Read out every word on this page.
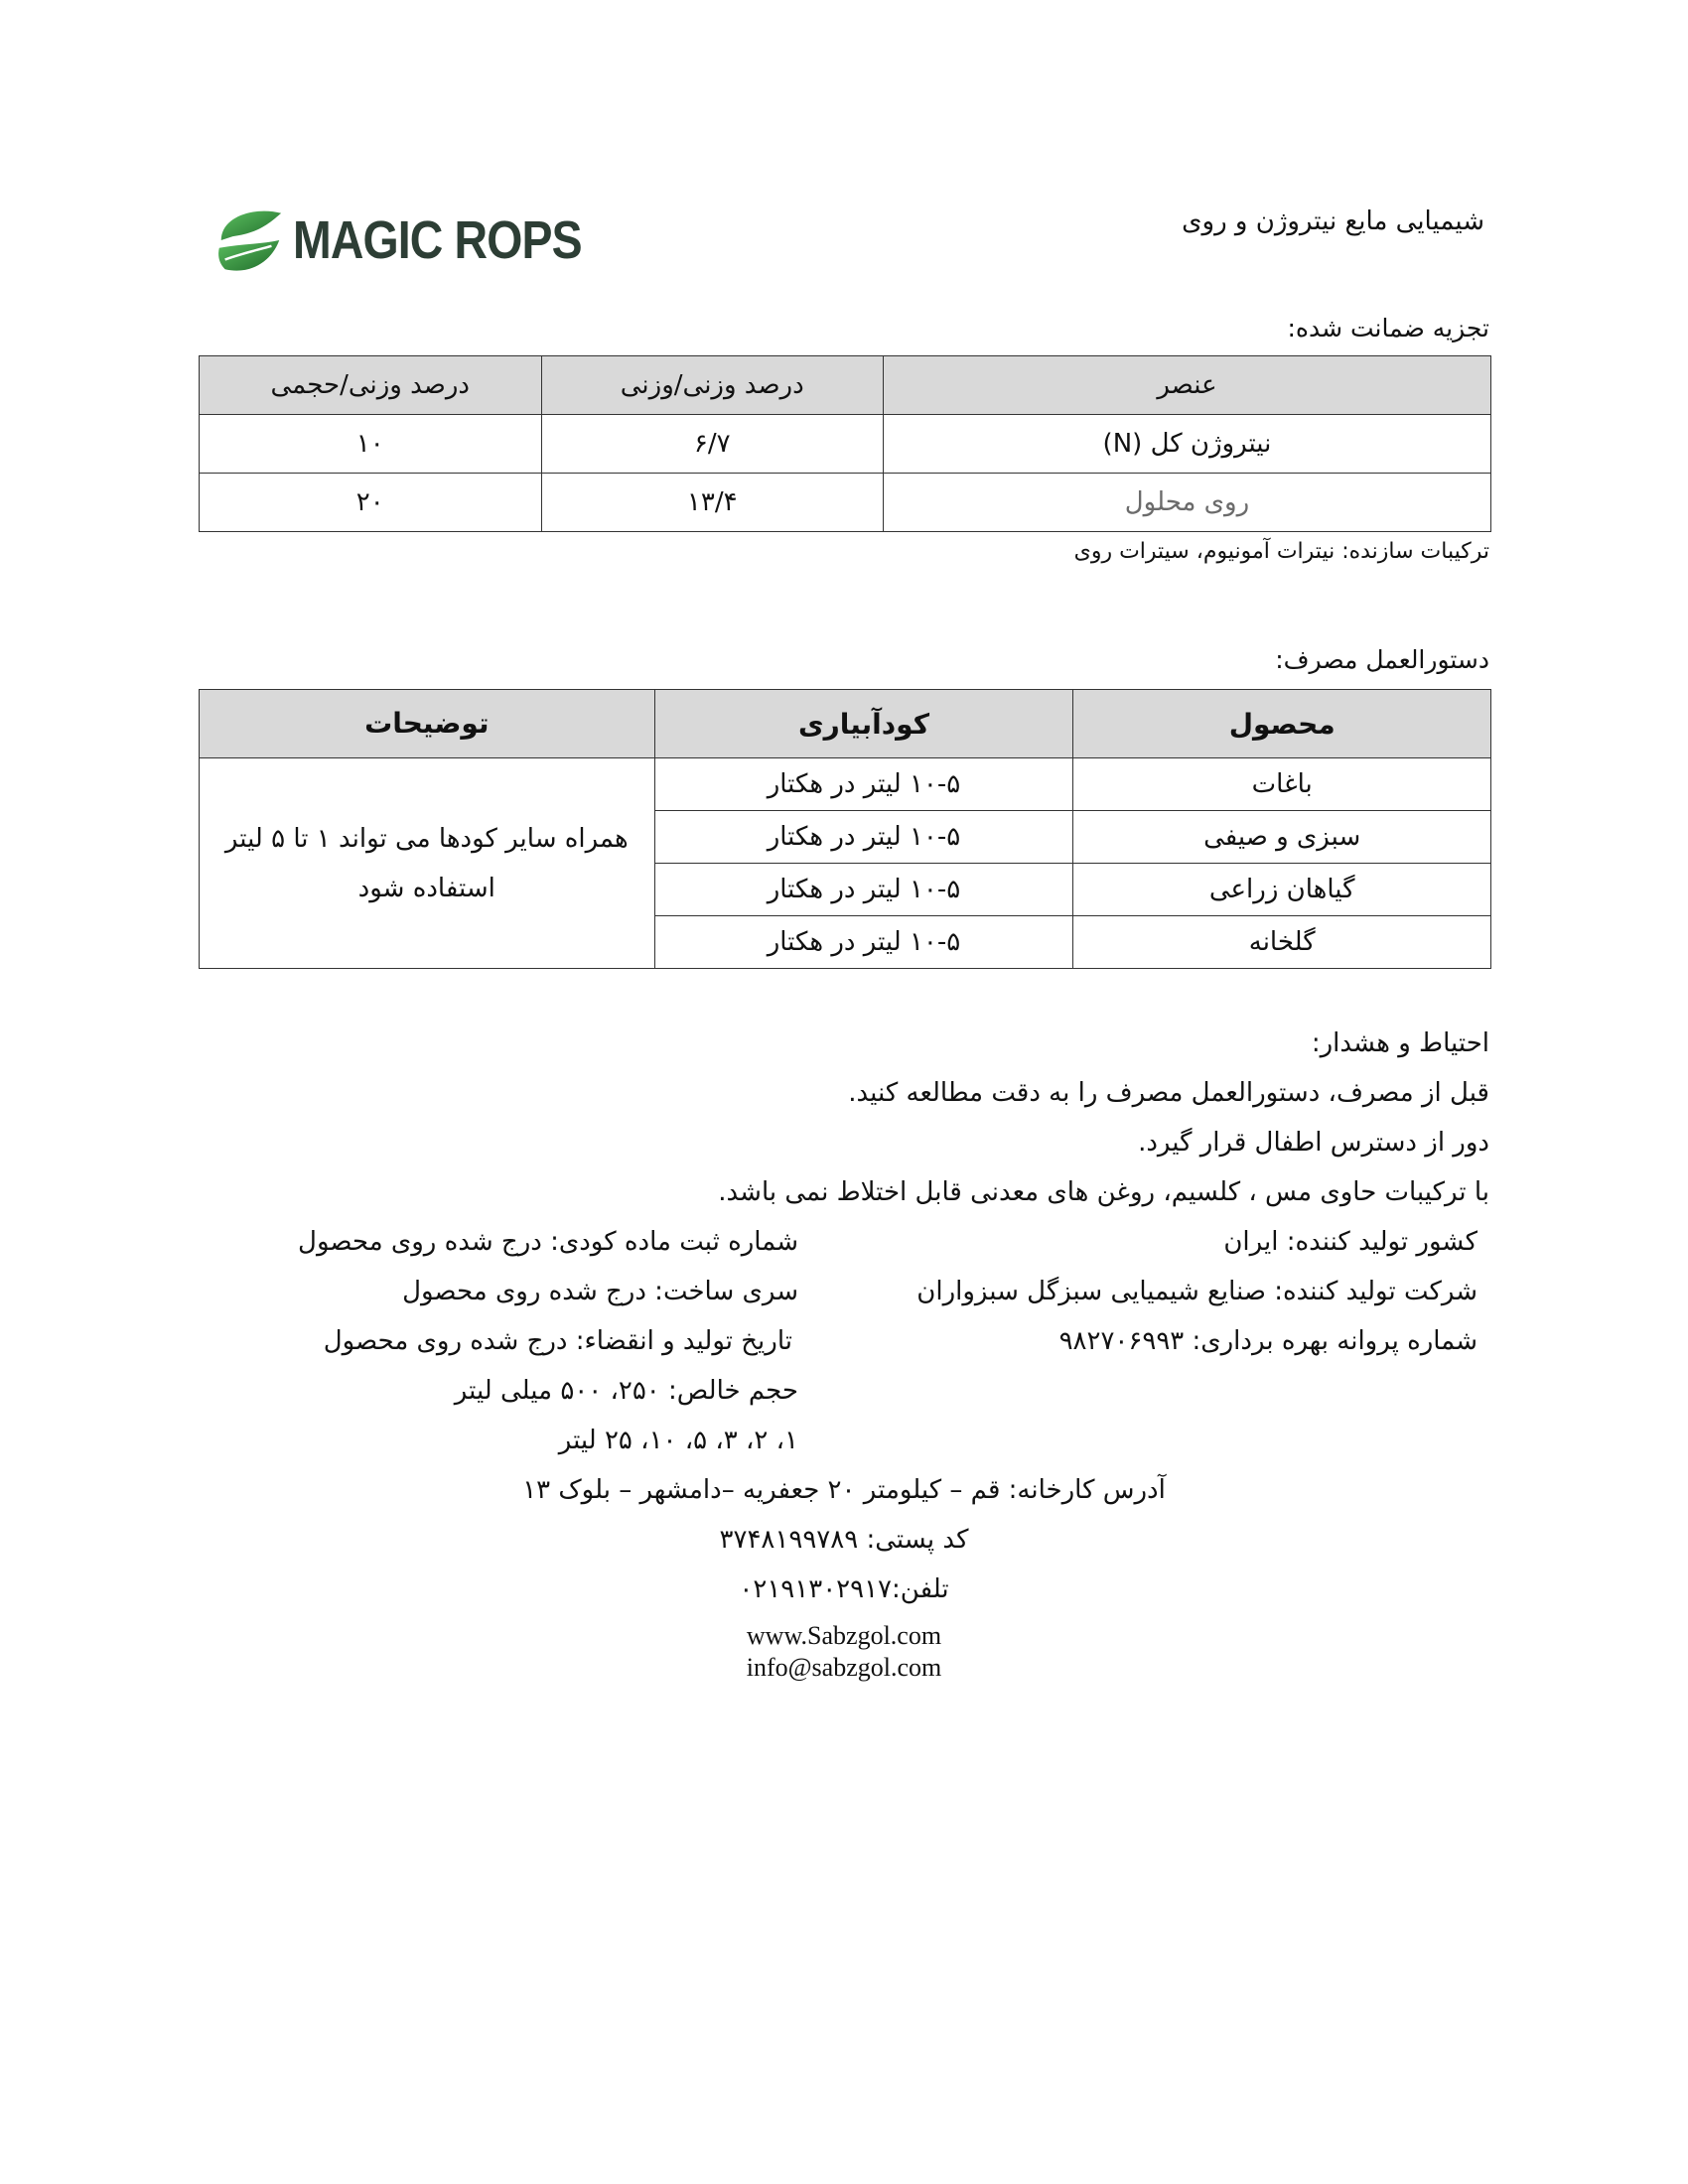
MAGIC ROPS	شیمیایی مایع نیتروژن و روی
تجزیه ضمانت شده:
عنصر	درصد وزنی/وزنی	درصد وزنی/حجمی
نیتروژن کل (N)	۶/۷	۱۰
روی محلول	۱۳/۴	۲۰
ترکیبات سازنده: نیترات آمونیوم، سیترات روی
دستورالعمل مصرف:
محصول	کودآبیاری	توضیحات
باغات	۱۰-۵ لیتر در هکتار	همراه سایر کودها می تواند ۱ تا ۵ لیتر استفاده شود
سبزی و صیفی	۱۰-۵ لیتر در هکتار	
گیاهان زراعی	۱۰-۵ لیتر در هکتار	
گلخانه	۱۰-۵ لیتر در هکتار	
احتیاط و هشدار:
قبل از مصرف، دستورالعمل مصرف را به دقت مطالعه کنید.
دور از دسترس اطفال قرار گیرد.
با ترکیبات حاوی مس ، کلسیم، روغن های معدنی قابل اختلاط نمی باشد.
کشور تولید کننده: ایران
شرکت تولید کننده: صنایع شیمیایی سبزگل سبزواران
شماره پروانه بهره برداری: ۹۸۲۷۰۶۹۹۳
شماره ثبت ماده کودی: درج شده روی محصول
سری ساخت: درج شده روی محصول
تاریخ تولید و انقضاء: درج شده روی محصول
حجم خالص: ۲۵۰، ۵۰۰ میلی لیتر
۱، ۲، ۳، ۵، ۱۰، ۲۵ لیتر
آدرس کارخانه: قم – کیلومتر ۲۰ جعفریه –دامشهر – بلوک ۱۳
کد پستی: ۳۷۴۸۱۹۹۷۸۹
تلفن:۰۲۱۹۱۳۰۲۹۱۷
www.Sabzgol.com
info@sabzgol.com
